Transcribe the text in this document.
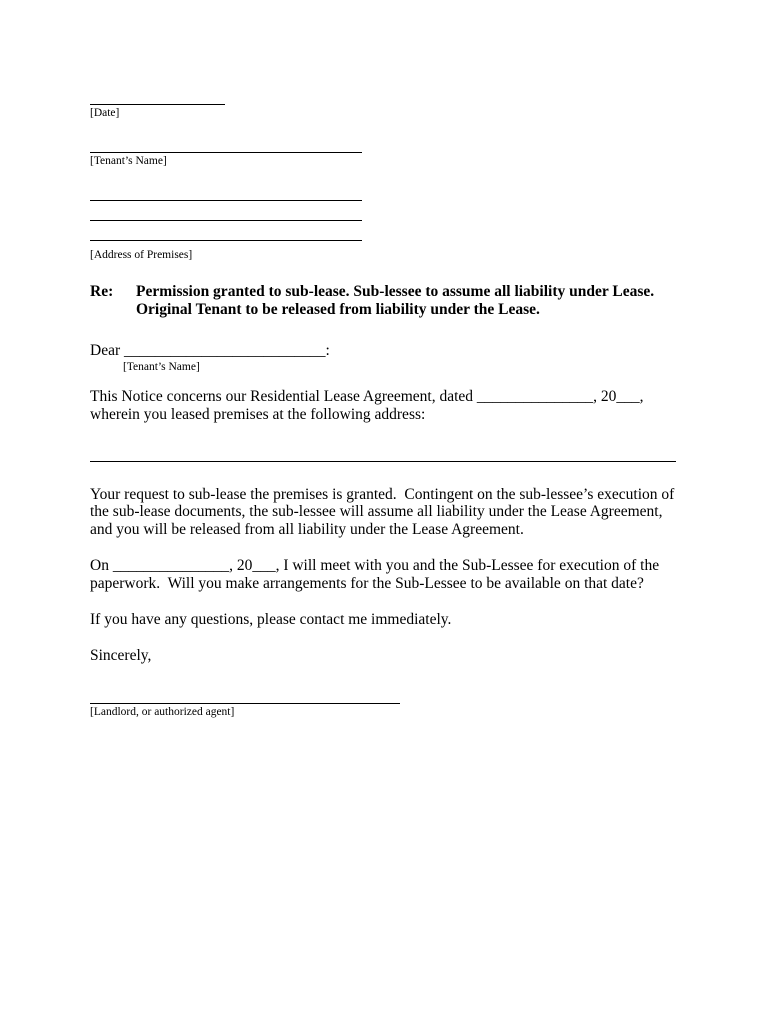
[Date]
[Tenant’s Name]
[Address of Premises]
Re:	Permission granted to sub-lease. Sub-lessee to assume all liability under Lease.
Original Tenant to be released from liability under the Lease.
Dear __________________________:
[Tenant’s Name]
This Notice concerns our Residential Lease Agreement, dated _______________, 20___, wherein you leased premises at the following address:
Your request to sub-lease the premises is granted.  Contingent on the sub-lessee’s execution of the sub-lease documents, the sub-lessee will assume all liability under the Lease Agreement, and you will be released from all liability under the Lease Agreement.
On _______________, 20___, I will meet with you and the Sub-Lessee for execution of the paperwork.  Will you make arrangements for the Sub-Lessee to be available on that date?
If you have any questions, please contact me immediately.
Sincerely,
[Landlord, or authorized agent]
